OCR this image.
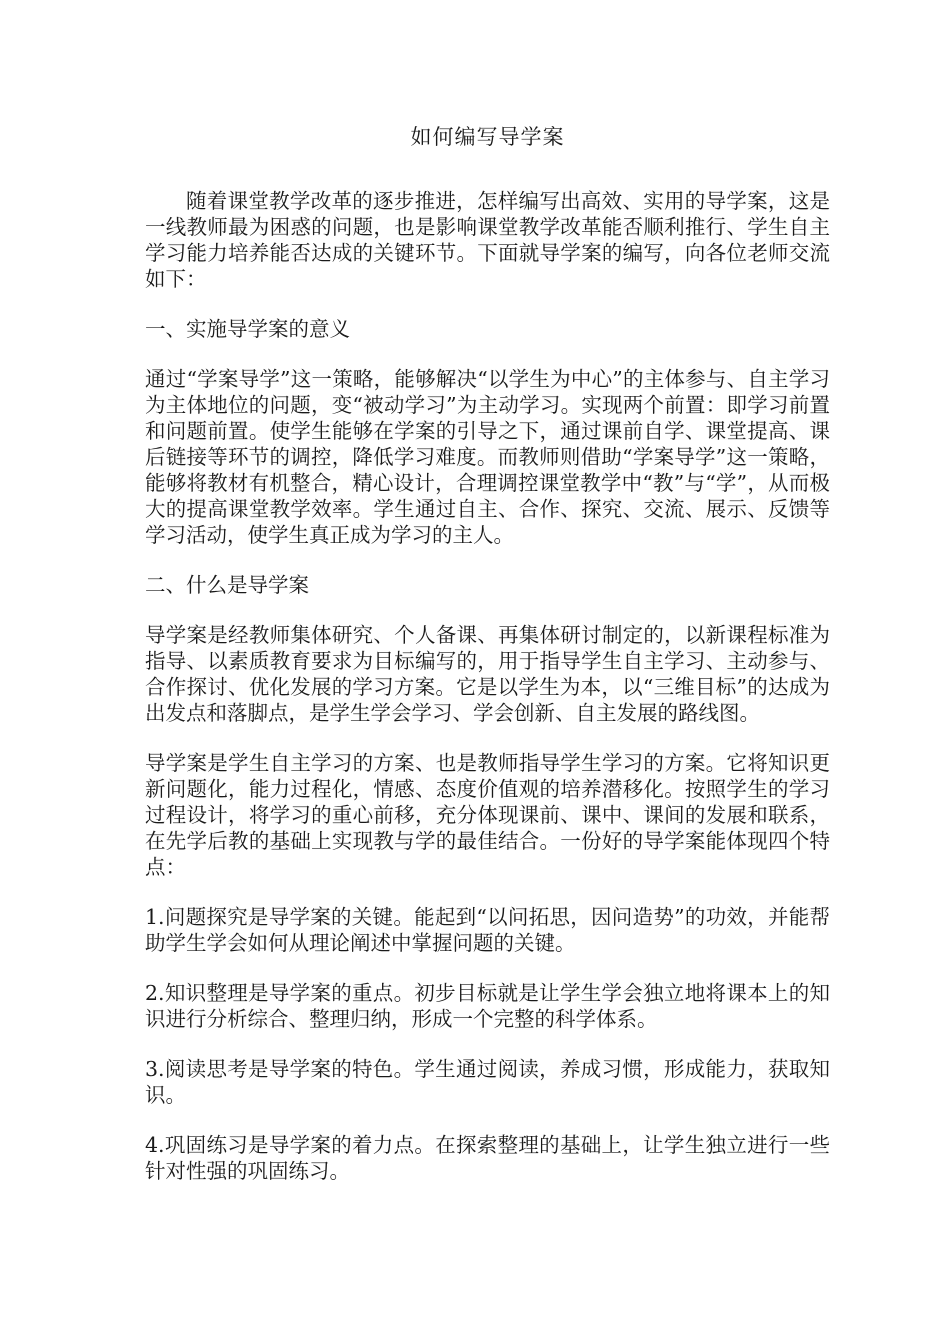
如何编写导学案

随着课堂教学改革的逐步推进，怎样编写出高效、实用的导学案，这是一线教师最为困惑的问题，也是影响课堂教学改革能否顺利推行、学生自主学习能力培养能否达成的关键环节。下面就导学案的编写，向各位老师交流如下：

一、实施导学案的意义

通过“学案导学”这一策略，能够解决“以学生为中心”的主体参与、自主学习为主体地位的问题，变“被动学习”为主动学习。实现两个前置：即学习前置和问题前置。使学生能够在学案的引导之下，通过课前自学、课堂提高、课后链接等环节的调控，降低学习难度。而教师则借助“学案导学”这一策略，能够将教材有机整合，精心设计，合理调控课堂教学中“教”与“学”，从而极大的提高课堂教学效率。学生通过自主、合作、探究、交流、展示、反馈等学习活动，使学生真正成为学习的主人。

二、什么是导学案

导学案是经教师集体研究、个人备课、再集体研讨制定的，以新课程标准为指导、以素质教育要求为目标编写的，用于指导学生自主学习、主动参与、合作探讨、优化发展的学习方案。它是以学生为本，以“三维目标”的达成为出发点和落脚点，是学生学会学习、学会创新、自主发展的路线图。

导学案是学生自主学习的方案、也是教师指导学生学习的方案。它将知识更新问题化，能力过程化，情感、态度价值观的培养潜移化。按照学生的学习过程设计，将学习的重心前移，充分体现课前、课中、课间的发展和联系，在先学后教的基础上实现教与学的最佳结合。一份好的导学案能体现四个特点：

1.问题探究是导学案的关键。能起到“以问拓思，因问造势”的功效，并能帮助学生学会如何从理论阐述中掌握问题的关键。

2.知识整理是导学案的重点。初步目标就是让学生学会独立地将课本上的知识进行分析综合、整理归纳，形成一个完整的科学体系。

3.阅读思考是导学案的特色。学生通过阅读，养成习惯，形成能力，获取知识。

4.巩固练习是导学案的着力点。在探索整理的基础上，让学生独立进行一些针对性强的巩固练习。
